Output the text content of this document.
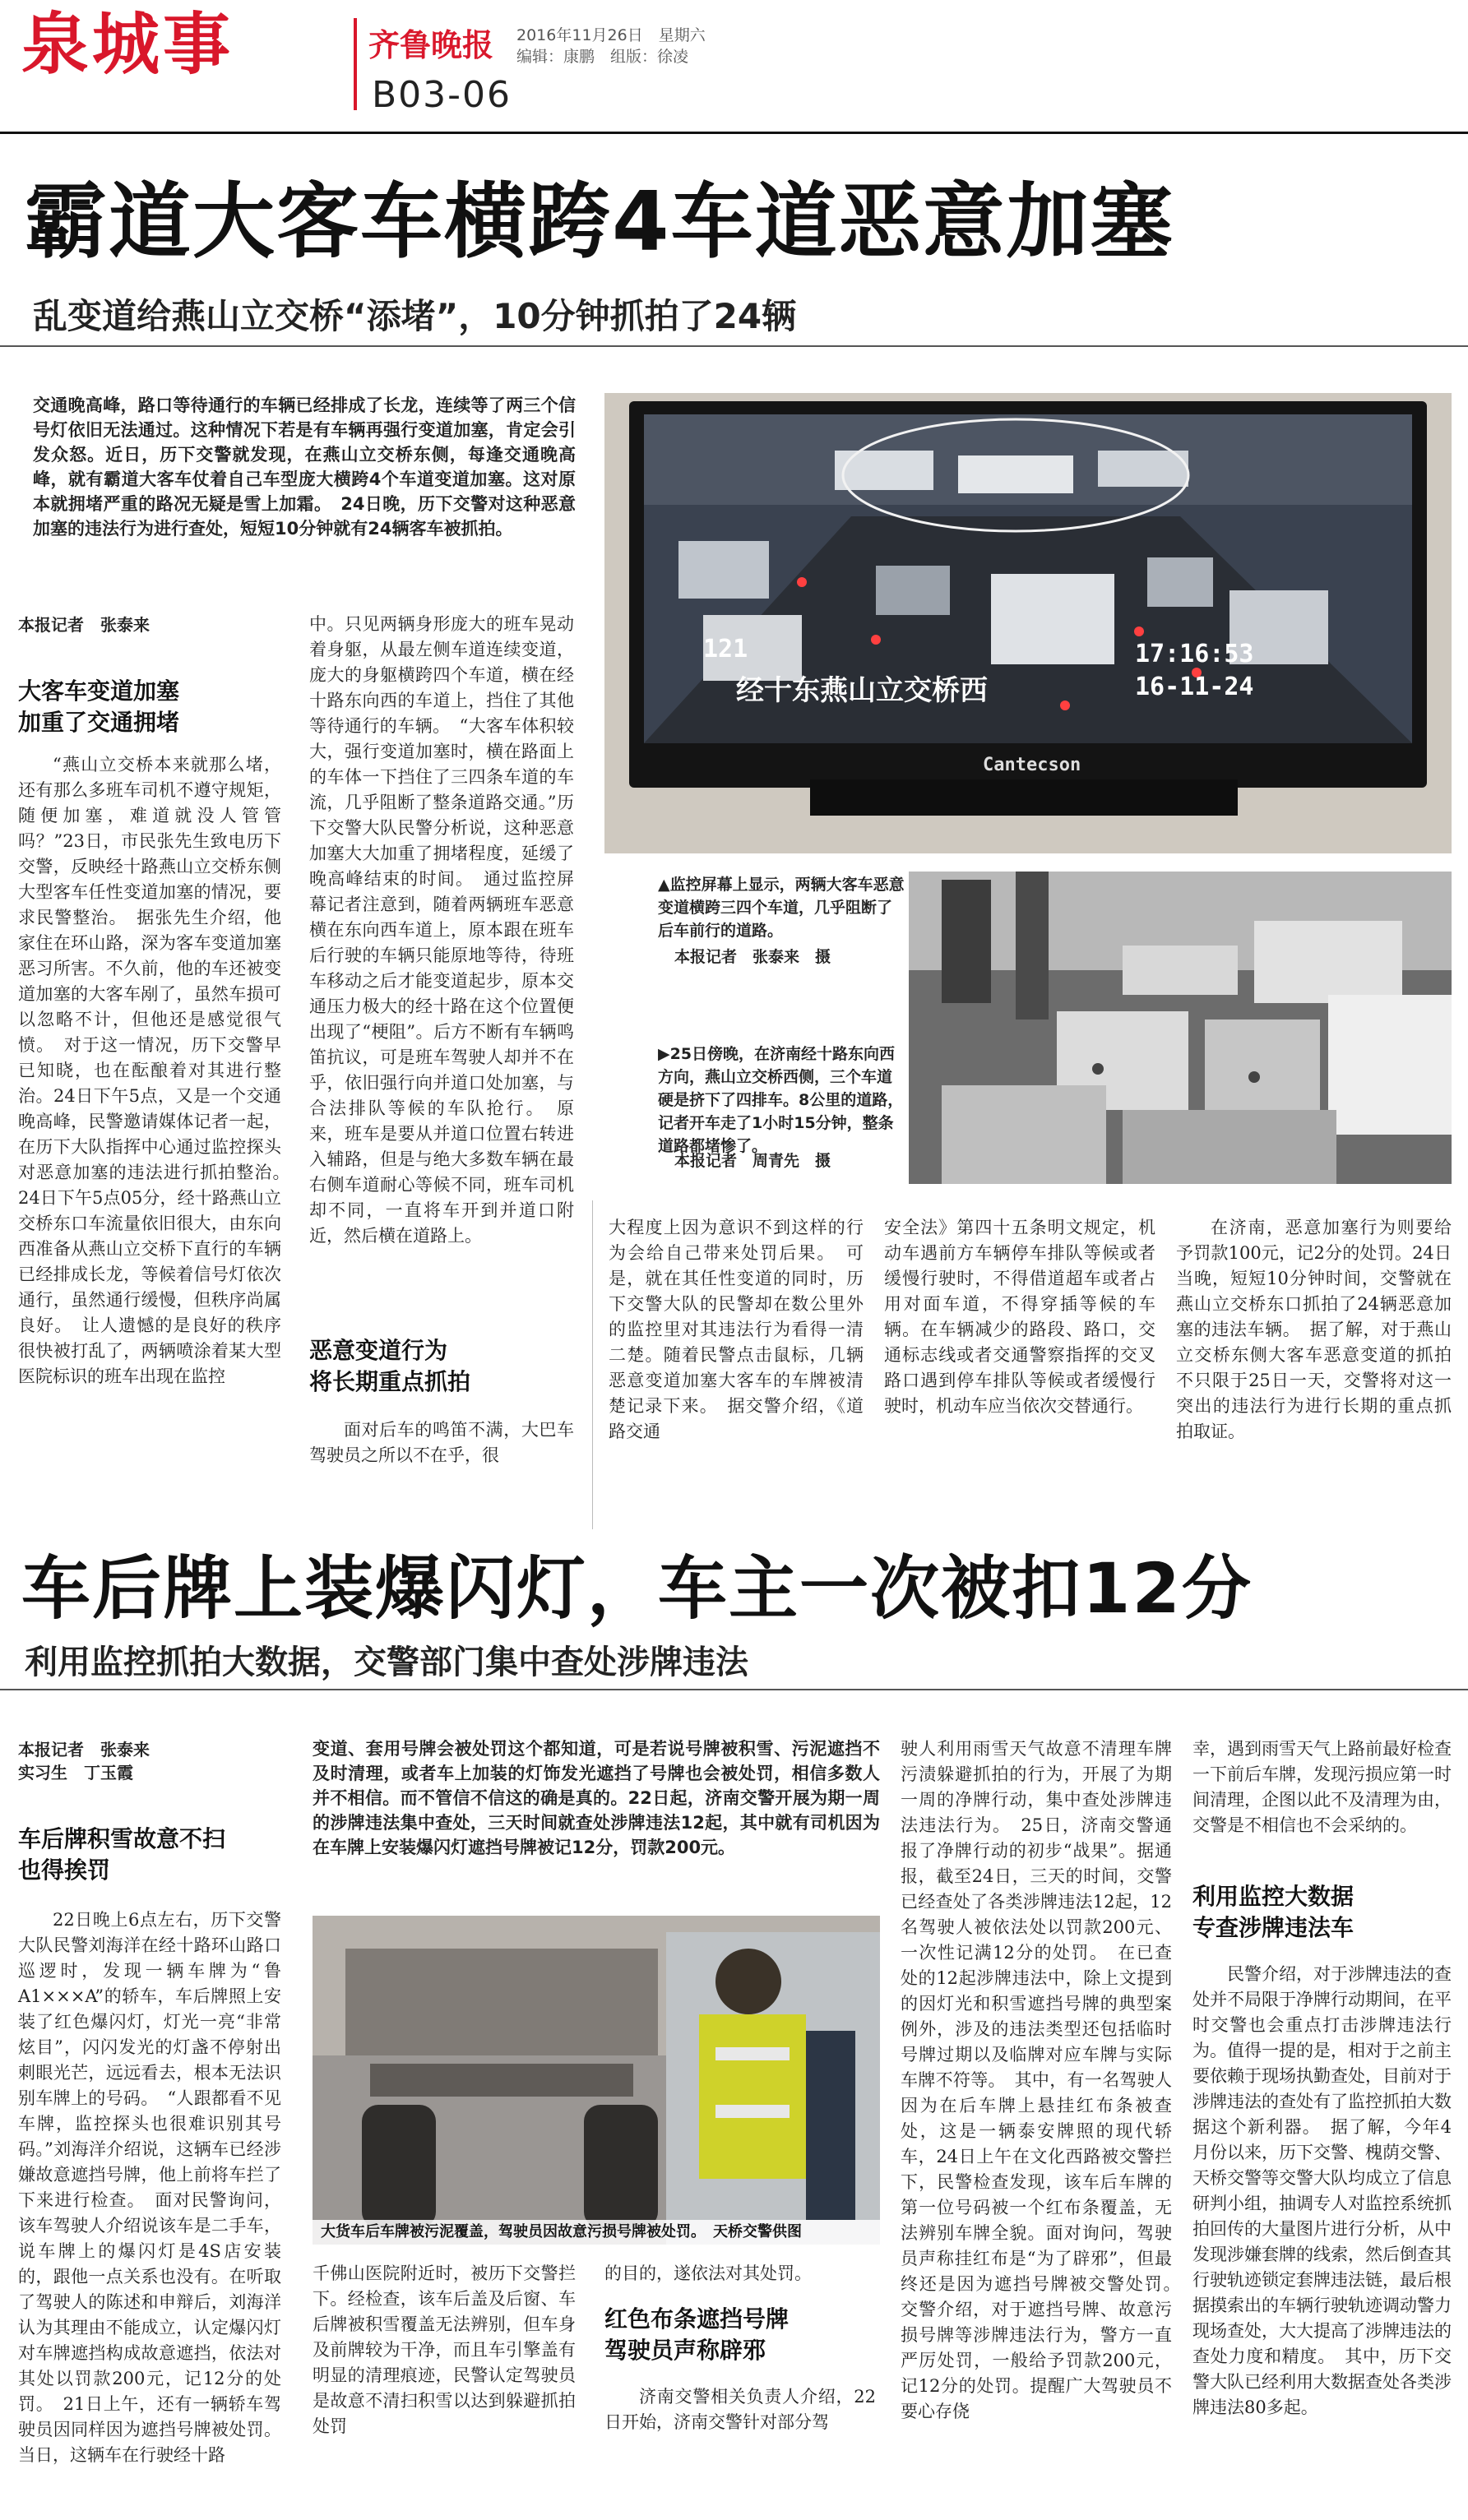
泉城事	齐鲁晚报 2016年11月26日　星期六
编辑：康鹏　组版：徐凌
B03-06
霸道大客车横跨4车道恶意加塞
乱变道给燕山立交桥“添堵”，10分钟抓拍了24辆
交通晚高峰，路口等待通行的车辆已经排成了长龙，连续等了两三个信号灯依旧无法通过。这种情况下若是有车辆再强行变道加塞，肯定会引发众怒。近日，历下交警就发现，在燕山立交桥东侧，每逢交通晚高峰，就有霸道大客车仗着自己车型庞大横跨4个车道变道加塞。这对原本就拥堵严重的路况无疑是雪上加霜。　24日晚，历下交警对这种恶意加塞的违法行为进行查处，短短10分钟就有24辆客车被抓拍。
本报记者　张泰来
大客车变道加塞
加重了交通拥堵
“燕山立交桥本来就那么堵，还有那么多班车司机不遵守规矩，随便加塞，难道就没人管管吗？”23日，市民张先生致电历下交警，反映经十路燕山立交桥东侧大型客车任性变道加塞的情况，要求民警整治。　据张先生介绍，他家住在环山路，深为客车变道加塞恶习所害。不久前，他的车还被变道加塞的大客车剐了，虽然车损可以忽略不计，但他还是感觉很气愤。　对于这一情况，历下交警早已知晓，也在酝酿着对其进行整治。24日下午5点，又是一个交通晚高峰，民警邀请媒体记者一起，在历下大队指挥中心通过监控探头对恶意加塞的违法进行抓拍整治。　24日下午5点05分，经十路燕山立交桥东口车流量依旧很大，由东向西准备从燕山立交桥下直行的车辆已经排成长龙，等候着信号灯依次通行，虽然通行缓慢，但秩序尚属良好。　让人遗憾的是良好的秩序很快被打乱了，两辆喷涂着某大型医院标识的班车出现在监控
中。只见两辆身形庞大的班车晃动着身躯，从最左侧车道连续变道，庞大的身躯横跨四个车道，横在经十路东向西的车道上，挡住了其他等待通行的车辆。　“大客车体积较大，强行变道加塞时，横在路面上的车体一下挡住了三四条车道的车流，几乎阻断了整条道路交通。”历下交警大队民警分析说，这种恶意加塞大大加重了拥堵程度，延缓了晚高峰结束的时间。　通过监控屏幕记者注意到，随着两辆班车恶意横在东向西车道上，原本跟在班车后行驶的车辆只能原地等待，待班车移动之后才能变道起步，原本交通压力极大的经十路在这个位置便出现了“梗阻”。后方不断有车辆鸣笛抗议，可是班车驾驶人却并不在乎，依旧强行向并道口处加塞，与合法排队等候的车队抢行。　原来，班车是要从并道口位置右转进入辅路，但是与绝大多数车辆在最右侧车道耐心等候不同，班车司机却不同，一直将车开到并道口附近，然后横在道路上。
恶意变道行为
将长期重点抓拍
面对后车的鸣笛不满，大巴车驾驶员之所以不在乎，很
121	17:16:53
经十东燕山立交桥西	16-11-24
Cantecson
▲监控屏幕上显示，两辆大客车恶意变道横跨三四个车道，几乎阻断了后车前行的道路。
本报记者　张泰来　摄
▶25日傍晚，在济南经十路东向西方向，燕山立交桥西侧，三个车道硬是挤下了四排车。8公里的道路，记者开车走了1小时15分钟，整条道路都堵惨了。
本报记者　周青先　摄
大程度上因为意识不到这样的行为会给自己带来处罚后果。　可是，就在其任性变道的同时，历下交警大队的民警却在数公里外的监控里对其违法行为看得一清二楚。随着民警点击鼠标，几辆恶意变道加塞大客车的车牌被清楚记录下来。　据交警介绍，《道路交通
安全法》第四十五条明文规定，机动车遇前方车辆停车排队等候或者缓慢行驶时，不得借道超车或者占用对面车道，不得穿插等候的车辆。在车辆减少的路段、路口，交通标志线或者交通警察指挥的交叉路口遇到停车排队等候或者缓慢行驶时，机动车应当依次交替通行。
在济南，恶意加塞行为则要给予罚款100元，记2分的处罚。24日当晚，短短10分钟时间，交警就在燕山立交桥东口抓拍了24辆恶意加塞的违法车辆。　据了解，对于燕山立交桥东侧大客车恶意变道的抓拍不只限于25日一天，交警将对这一突出的违法行为进行长期的重点抓拍取证。
车后牌上装爆闪灯，车主一次被扣12分
利用监控抓拍大数据，交警部门集中查处涉牌违法
本报记者　张泰来
实习生　丁玉霞
车后牌积雪故意不扫
也得挨罚
22日晚上6点左右，历下交警大队民警刘海洋在经十路环山路口巡逻时，发现一辆车牌为“鲁A1×××A”的轿车，车后牌照上安装了红色爆闪灯，灯光一亮“非常炫目”，闪闪发光的灯盏不停射出刺眼光芒，远远看去，根本无法识别车牌上的号码。　“人跟都看不见车牌，监控探头也很难识别其号码。”刘海洋介绍说，这辆车已经涉嫌故意遮挡号牌，他上前将车拦了下来进行检查。　面对民警询问，该车驾驶人介绍说该车是二手车，说车牌上的爆闪灯是4S店安装的，跟他一点关系也没有。在听取了驾驶人的陈述和申辩后，刘海洋认为其理由不能成立，认定爆闪灯对车牌遮挡构成故意遮挡，依法对其处以罚款200元，记12分的处罚。　21日上午，还有一辆轿车驾驶员因同样因为遮挡号牌被处罚。当日，这辆车在行驶经十路
变道、套用号牌会被处罚这个都知道，可是若说号牌被积雪、污泥遮挡不及时清理，或者车上加装的灯饰发光遮挡了号牌也会被处罚，相信多数人并不相信。而不管信不信这的确是真的。22日起，济南交警开展为期一周的涉牌违法集中查处，三天时间就查处涉牌违法12起，其中就有司机因为在车牌上安装爆闪灯遮挡号牌被记12分，罚款200元。
大货车后车牌被污泥覆盖，驾驶员因故意污损号牌被处罚。　天桥交警供图
千佛山医院附近时，被历下交警拦下。经检查，该车后盖及后窗、车后牌被积雪覆盖无法辨别，但车身及前牌较为干净，而且车引擎盖有明显的清理痕迹，民警认定驾驶员是故意不清扫积雪以达到躲避抓拍处罚
的目的，遂依法对其处罚。
红色布条遮挡号牌
驾驶员声称辟邪
济南交警相关负责人介绍，22日开始，济南交警针对部分驾
驶人利用雨雪天气故意不清理车牌污渍躲避抓拍的行为，开展了为期一周的净牌行动，集中查处涉牌违法违法行为。　25日，济南交警通报了净牌行动的初步“战果”。据通报，截至24日，三天的时间，交警已经查处了各类涉牌违法12起，12名驾驶人被依法处以罚款200元、一次性记满12分的处罚。　在已查处的12起涉牌违法中，除上文提到的因灯光和积雪遮挡号牌的典型案例外，涉及的违法类型还包括临时号牌过期以及临牌对应车牌与实际车牌不符等。　其中，有一名驾驶人因为在后车牌上悬挂红布条被查处，这是一辆泰安牌照的现代轿车，24日上午在文化西路被交警拦下，民警检查发现，该车后车牌的第一位号码被一个红布条覆盖，无法辨别车牌全貌。面对询问，驾驶员声称挂红布是“为了辟邪”，但最终还是因为遮挡号牌被交警处罚。　交警介绍，对于遮挡号牌、故意污损号牌等涉牌违法行为，警方一直严厉处罚，一般给予罚款200元，记12分的处罚。提醒广大驾驶员不要心存侥
幸，遇到雨雪天气上路前最好检查一下前后车牌，发现污损应第一时间清理，企图以此不及清理为由，交警是不相信也不会采纳的。
利用监控大数据
专查涉牌违法车
民警介绍，对于涉牌违法的查处并不局限于净牌行动期间，在平时交警也会重点打击涉牌违法行为。值得一提的是，相对于之前主要依赖于现场执勤查处，目前对于涉牌违法的查处有了监控抓拍大数据这个新利器。　据了解，今年4月份以来，历下交警、槐荫交警、天桥交警等交警大队均成立了信息研判小组，抽调专人对监控系统抓拍回传的大量图片进行分析，从中发现涉嫌套牌的线索，然后倒查其行驶轨迹锁定套牌违法链，最后根据摸索出的车辆行驶轨迹调动警力现场查处，大大提高了涉牌违法的查处力度和精度。　其中，历下交警大队已经利用大数据查处各类涉牌违法80多起。
